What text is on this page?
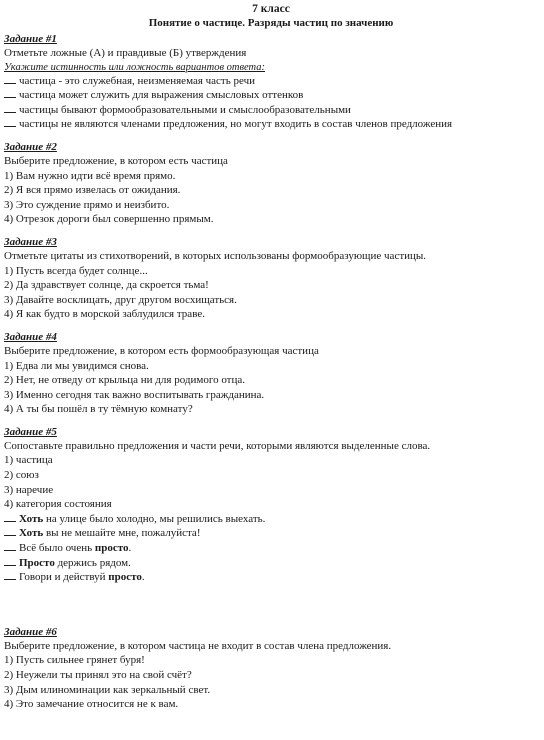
7 класс
Понятие о частице. Разряды частиц по значению
Задание #1
Отметьте ложные (А) и правдивые (Б) утверждения
Укажите истинность или ложность вариантов ответа:
частица - это служебная, неизменяемая часть речи
частица может служить для выражения смысловых оттенков
частицы бывают формообразовательными и смыслообразовательными
частицы не являются членами предложения, но могут входить в состав членов предложения
Задание #2
Выберите предложение, в котором есть частица
1) Вам нужно идти всё время прямо.
2) Я вся прямо извелась от ожидания.
3) Это суждение прямо и неизбито.
4) Отрезок дороги был совершенно прямым.
Задание #3
Отметьте цитаты из стихотворений, в которых использованы формообразующие частицы.
1) Пусть всегда будет солнце...
2) Да здравствует солнце, да скроется тьма!
3) Давайте восклицать, друг другом восхищаться.
4) Я как будто в морской заблудился траве.
Задание #4
Выберите предложение, в котором есть формообразующая частица
1) Едва ли мы увидимся снова.
2) Нет, не отведу от крыльца ни для родимого отца.
3) Именно сегодня так важно воспитывать гражданина.
4) А ты бы пошёл в ту тёмную комнату?
Задание #5
Сопоставьте правильно предложения и части речи, которыми являются выделенные слова.
1) частица
2) союз
3) наречие
4) категория состояния
Хоть на улице было холодно, мы решились выехать.
Хоть вы не мешайте мне, пожалуйста!
Всё было очень просто.
Просто держись рядом.
Говори и действуй просто.
Задание #6
Выберите предложение, в котором частица не входит в состав члена предложения.
1) Пусть сильнее грянет буря!
2) Неужели ты принял это на свой счёт?
3) Дым илиноминации как зеркальный свет.
4) Это замечание относится не к вам.
